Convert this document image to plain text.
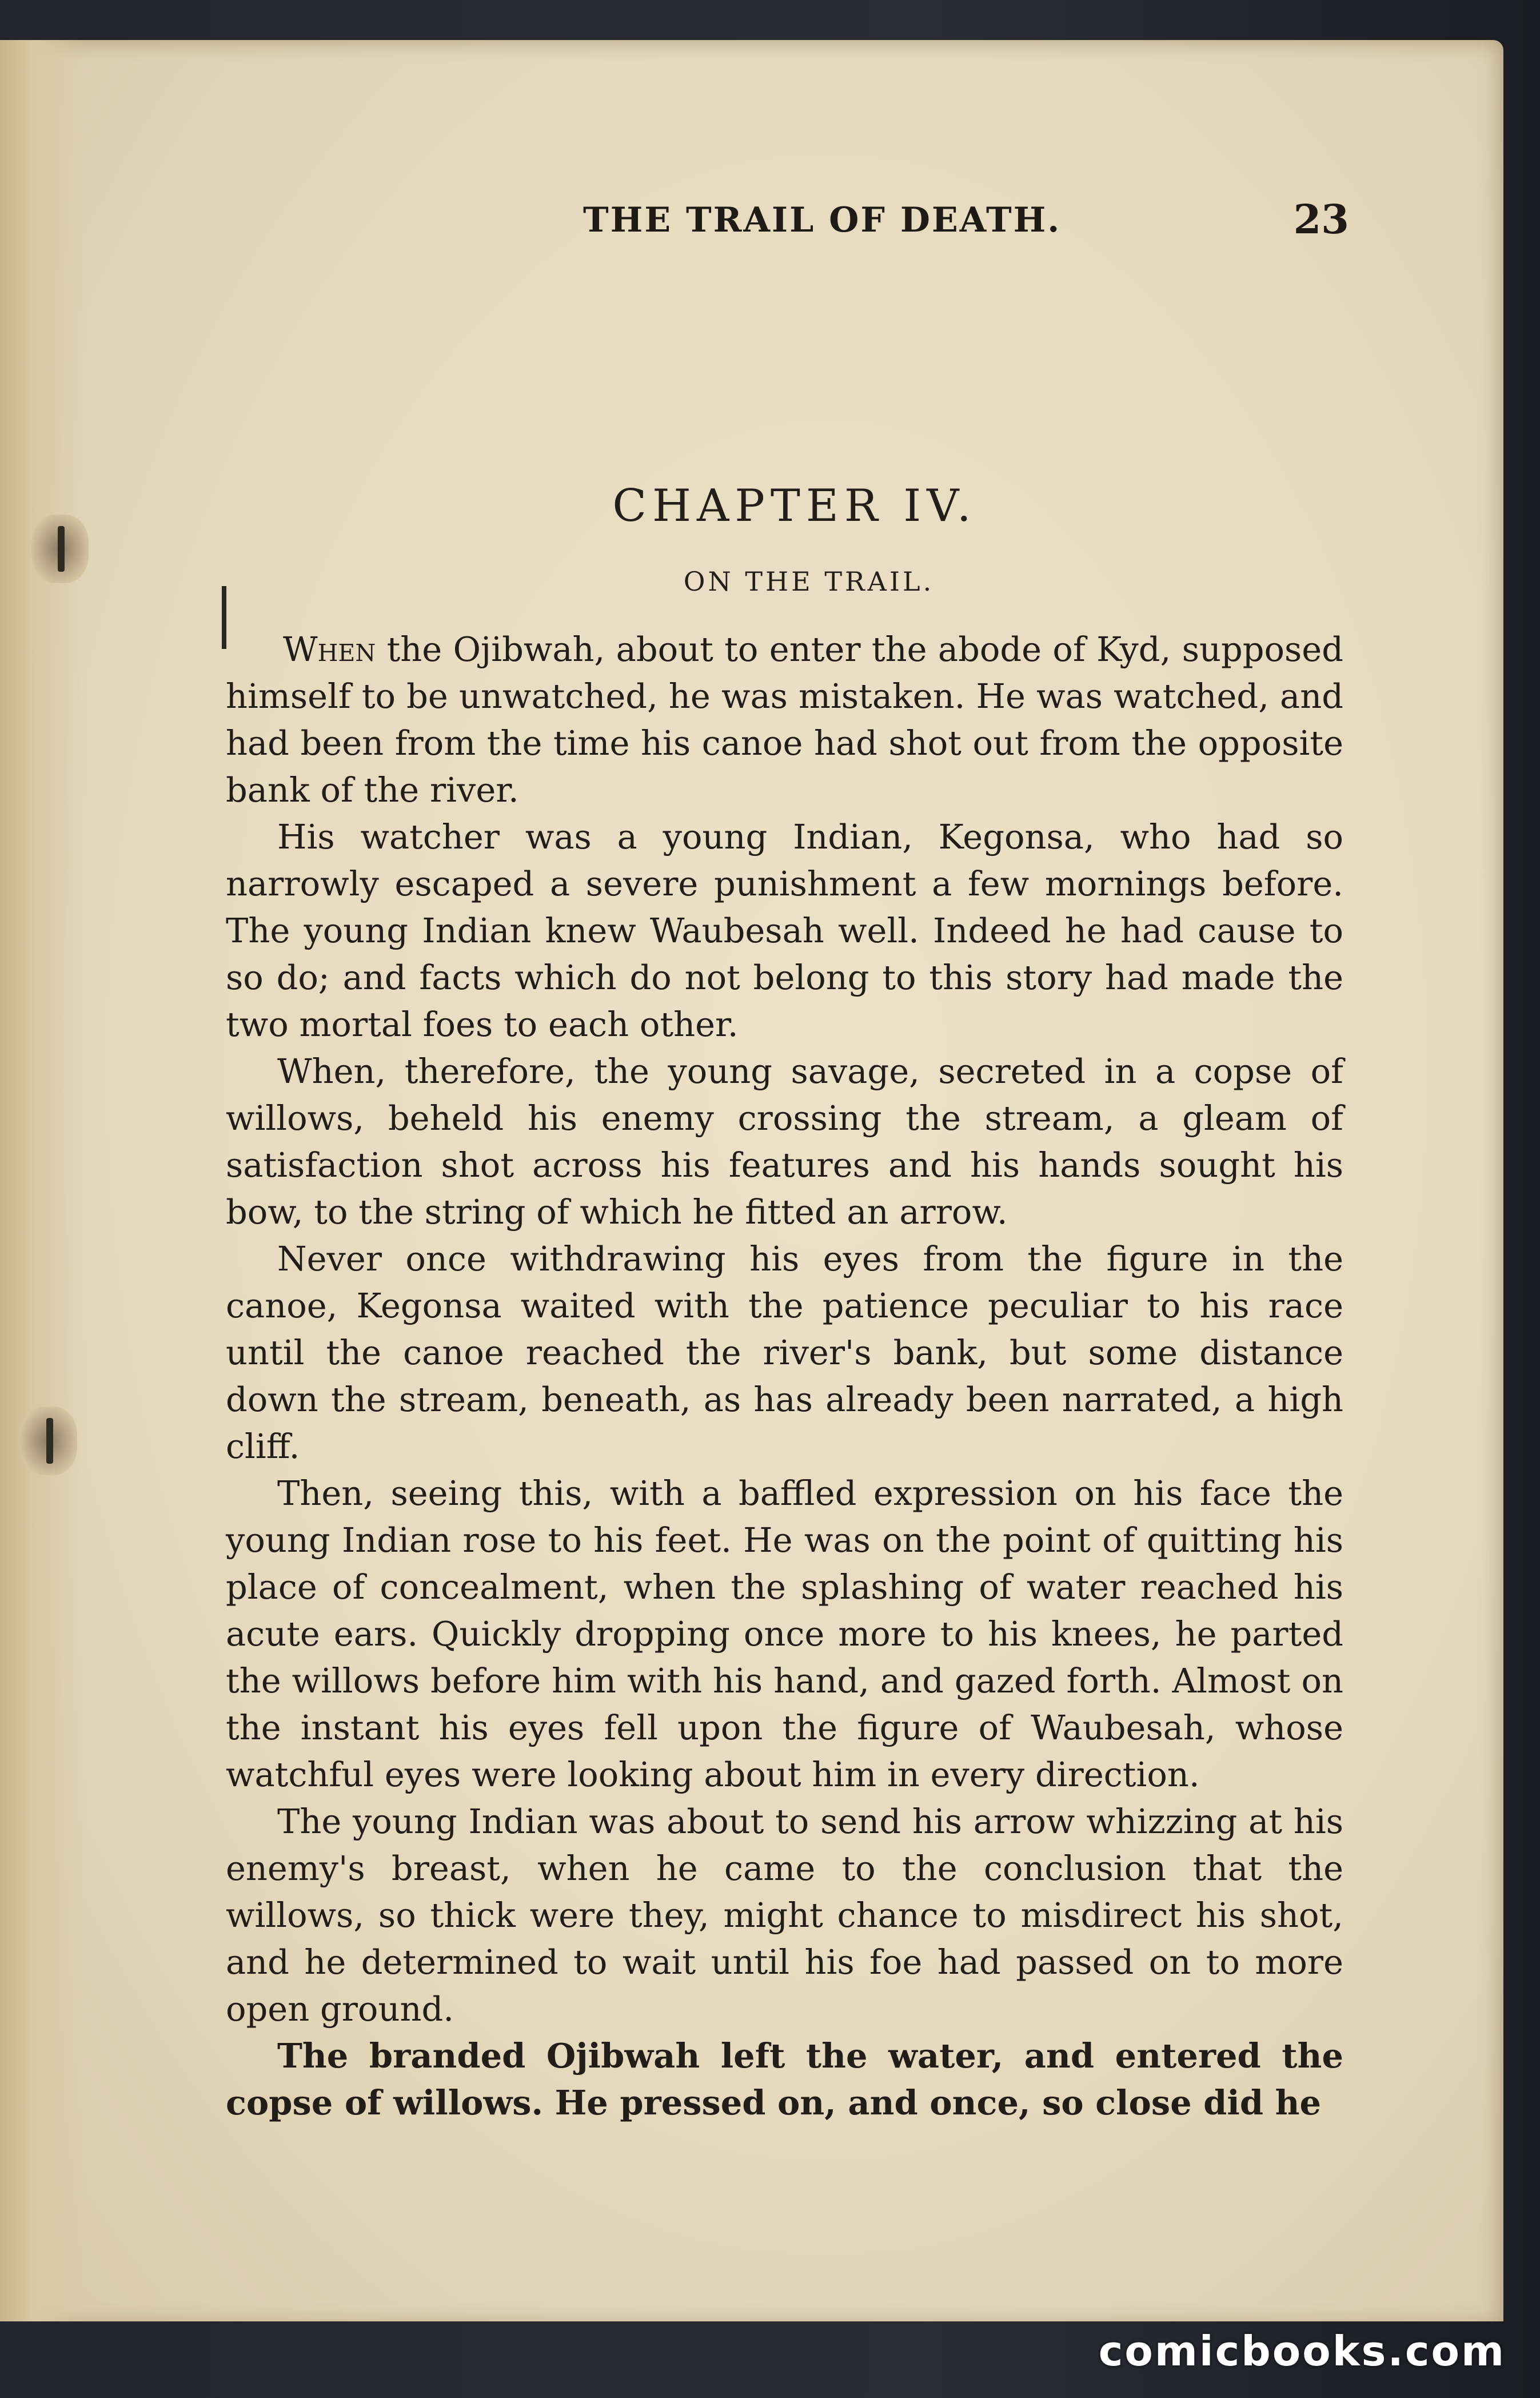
THE TRAIL OF DEATH.	23
CHAPTER IV.
ON THE TRAIL.

When the Ojibwah, about to enter the abode of Kyd, supposed himself to be unwatched, he was mistaken. He was watched, and had been from the time his canoe had shot out from the opposite bank of the river.

His watcher was a young Indian, Kegonsa, who had so narrowly escaped a severe punishment a few mornings before. The young Indian knew Waubesah well. Indeed he had cause to so do; and facts which do not belong to this story had made the two mortal foes to each other.

When, therefore, the young savage, secreted in a copse of willows, beheld his enemy crossing the stream, a gleam of satisfaction shot across his features and his hands sought his bow, to the string of which he fitted an arrow.

Never once withdrawing his eyes from the figure in the canoe, Kegonsa waited with the patience peculiar to his race until the canoe reached the river's bank, but some distance down the stream, beneath, as has already been narrated, a high cliff.

Then, seeing this, with a baffled expression on his face the young Indian rose to his feet. He was on the point of quitting his place of concealment, when the splashing of water reached his acute ears. Quickly dropping once more to his knees, he parted the willows before him with his hand, and gazed forth. Almost on the instant his eyes fell upon the figure of Waubesah, whose watchful eyes were looking about him in every direction.

The young Indian was about to send his arrow whizzing at his enemy's breast, when he came to the conclusion that the willows, so thick were they, might chance to misdirect his shot, and he determined to wait until his foe had passed on to more open ground.

The branded Ojibwah left the water, and entered the copse of willows. He pressed on, and once, so close did he

comicbooks.com
